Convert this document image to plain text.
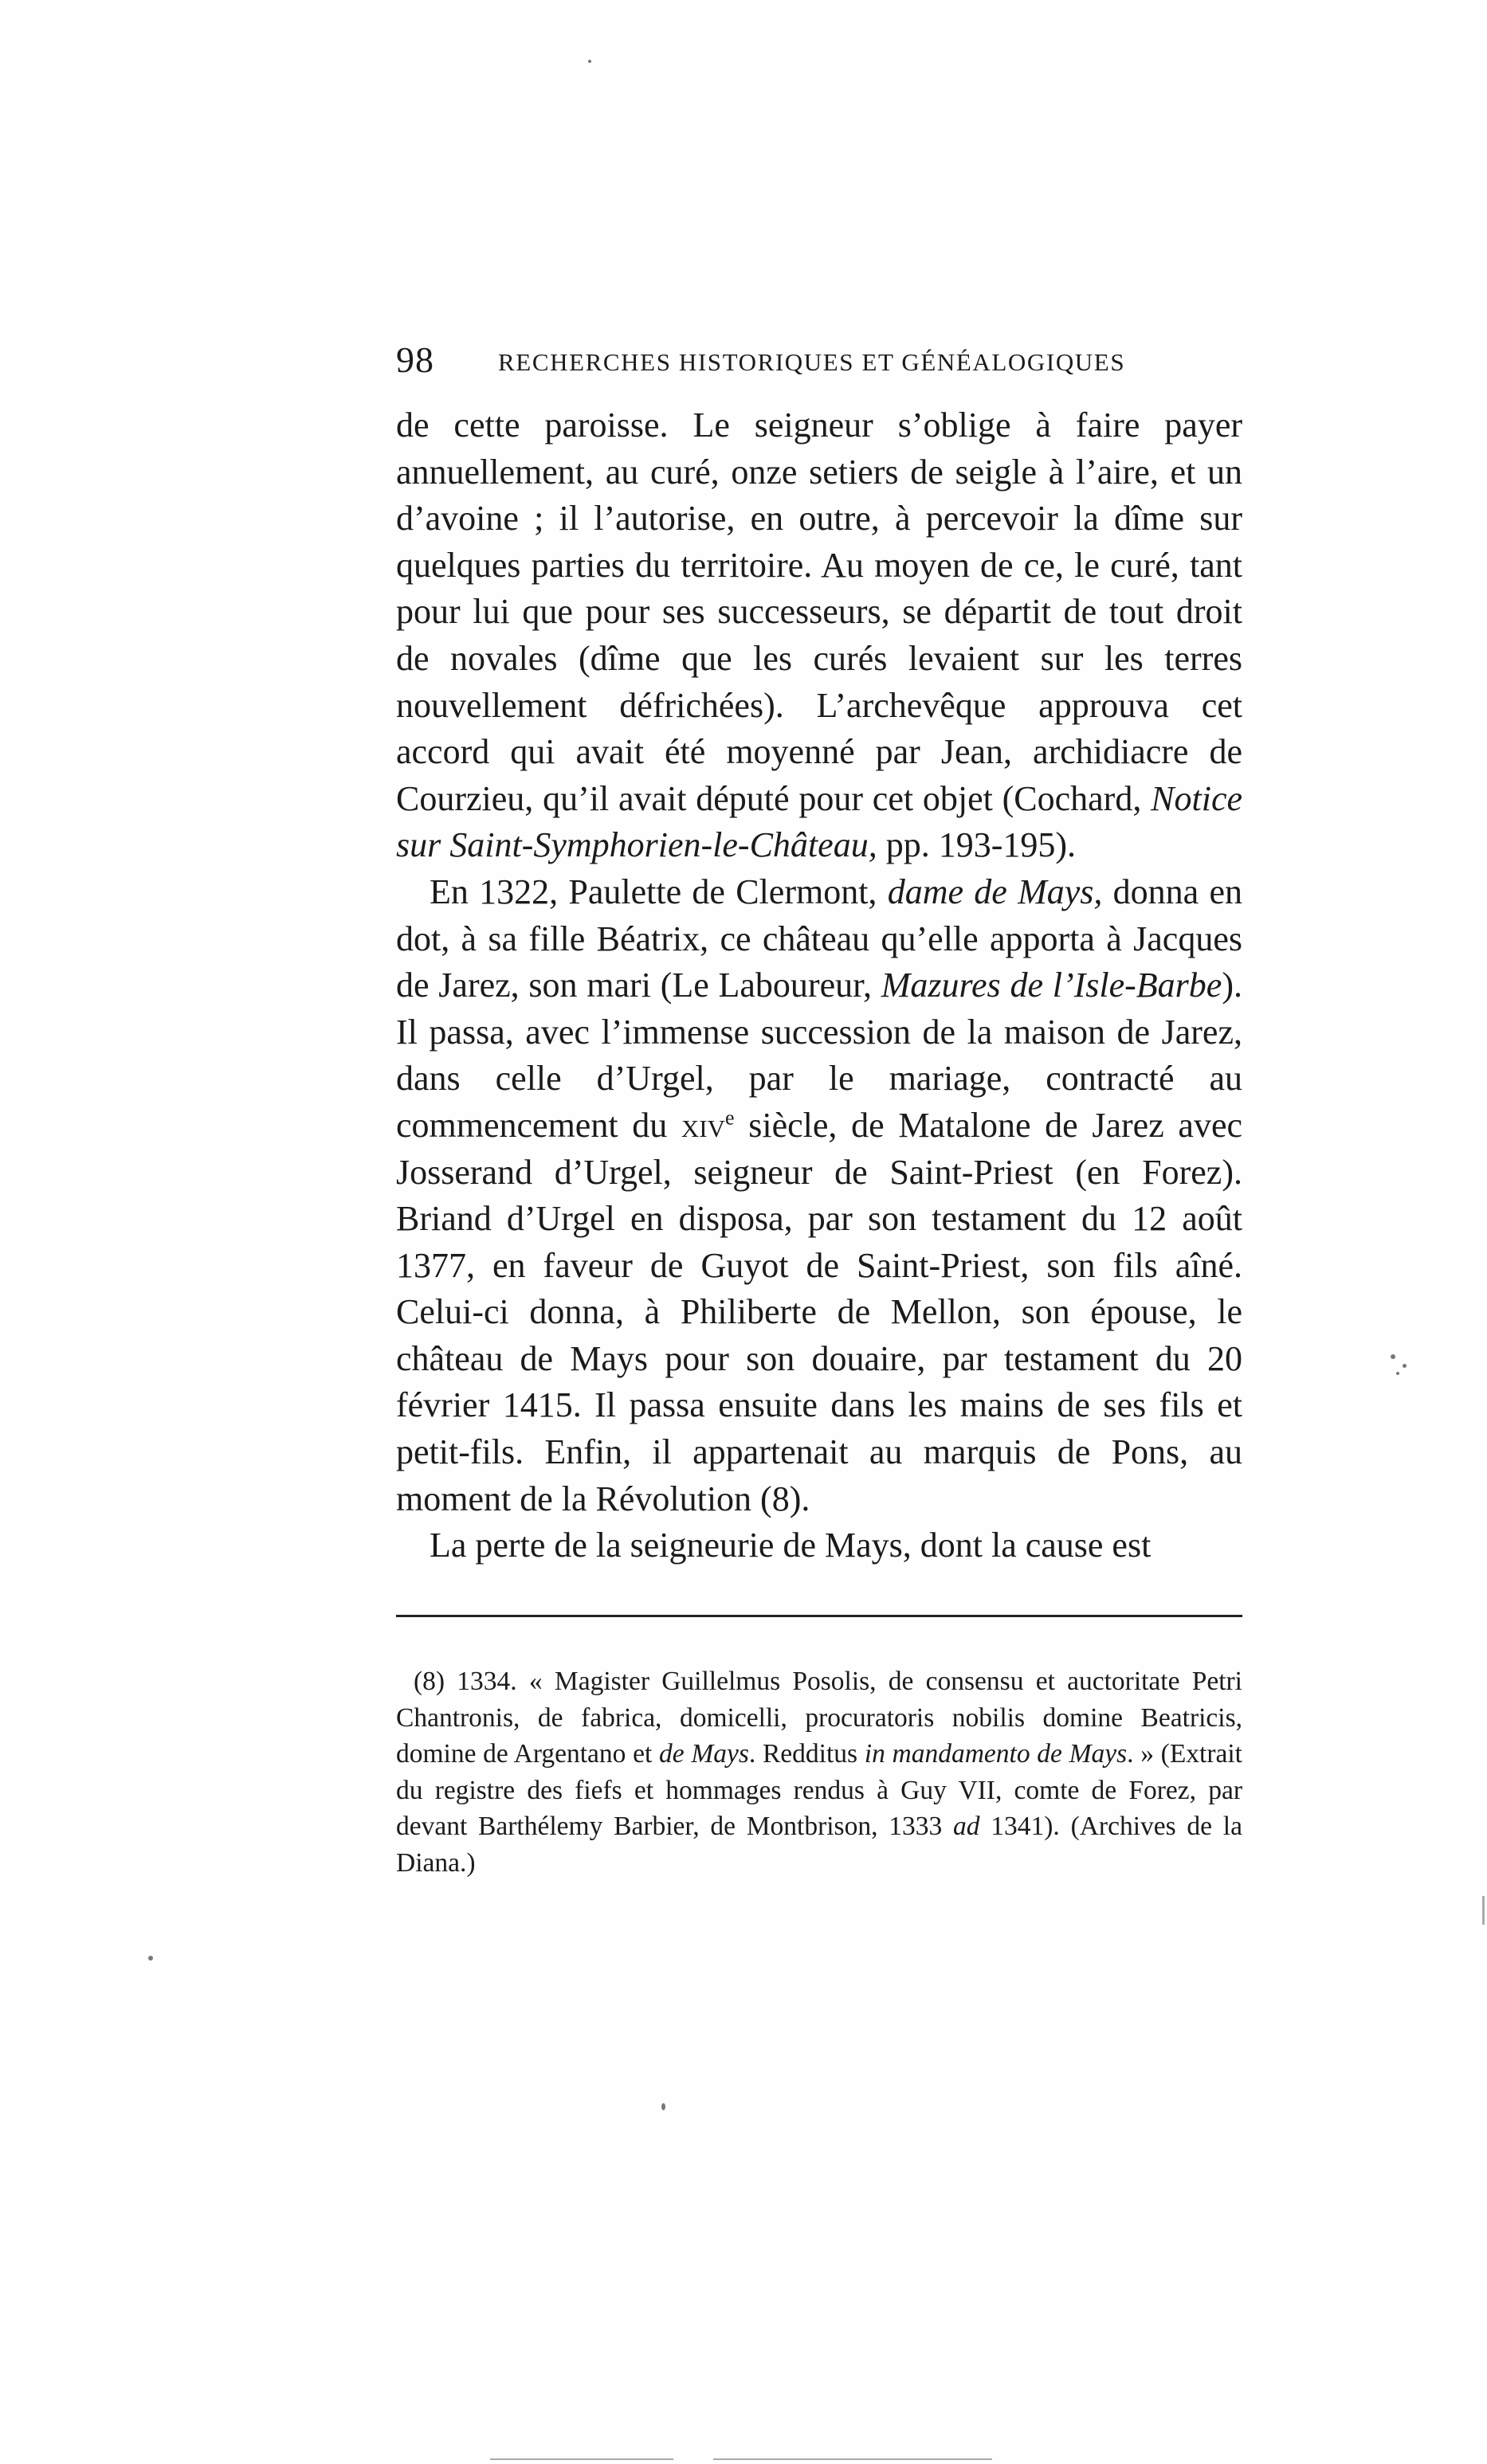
98	RECHERCHES HISTORIQUES ET GÉNÉALOGIQUES

de cette paroisse. Le seigneur s’oblige à faire payer annuellement, au curé, onze setiers de seigle à l’aire, et un d’avoine ; il l’autorise, en outre, à percevoir la dîme sur quelques parties du territoire. Au moyen de ce, le curé, tant pour lui que pour ses successeurs, se départit de tout droit de novales (dîme que les curés levaient sur les terres nouvellement défrichées). L’archevêque approuva cet accord qui avait été moyenné par Jean, archidiacre de Courzieu, qu’il avait député pour cet objet (Cochard, Notice sur Saint-Symphorien-le-Château, pp. 193-195).

En 1322, Paulette de Clermont, dame de Mays, donna en dot, à sa fille Béatrix, ce château qu’elle apporta à Jacques de Jarez, son mari (Le Laboureur, Mazures de l’Isle-Barbe). Il passa, avec l’immense succession de la maison de Jarez, dans celle d’Urgel, par le mariage, contracté au commencement du xiv$^e$ siècle, de Matalone de Jarez avec Josserand d’Urgel, seigneur de Saint-Priest (en Forez). Briand d’Urgel en disposa, par son testament du 12 août 1377, en faveur de Guyot de Saint-Priest, son fils aîné. Celui-ci donna, à Philiberte de Mellon, son épouse, le château de Mays pour son douaire, par testament du 20 février 1415. Il passa ensuite dans les mains de ses fils et petit-fils. Enfin, il appartenait au marquis de Pons, au moment de la Révolution (8).

La perte de la seigneurie de Mays, dont la cause est

(8) 1334. « Magister Guillelmus Posolis, de consensu et auctoritate Petri Chantronis, de fabrica, domicelli, procuratoris nobilis domine Beatricis, domine de Argentano et de Mays. Redditus in mandamento de Mays. » (Extrait du registre des fiefs et hommages rendus à Guy VII, comte de Forez, par devant Barthélemy Barbier, de Montbrison, 1333 ad 1341). (Archives de la Diana.)
